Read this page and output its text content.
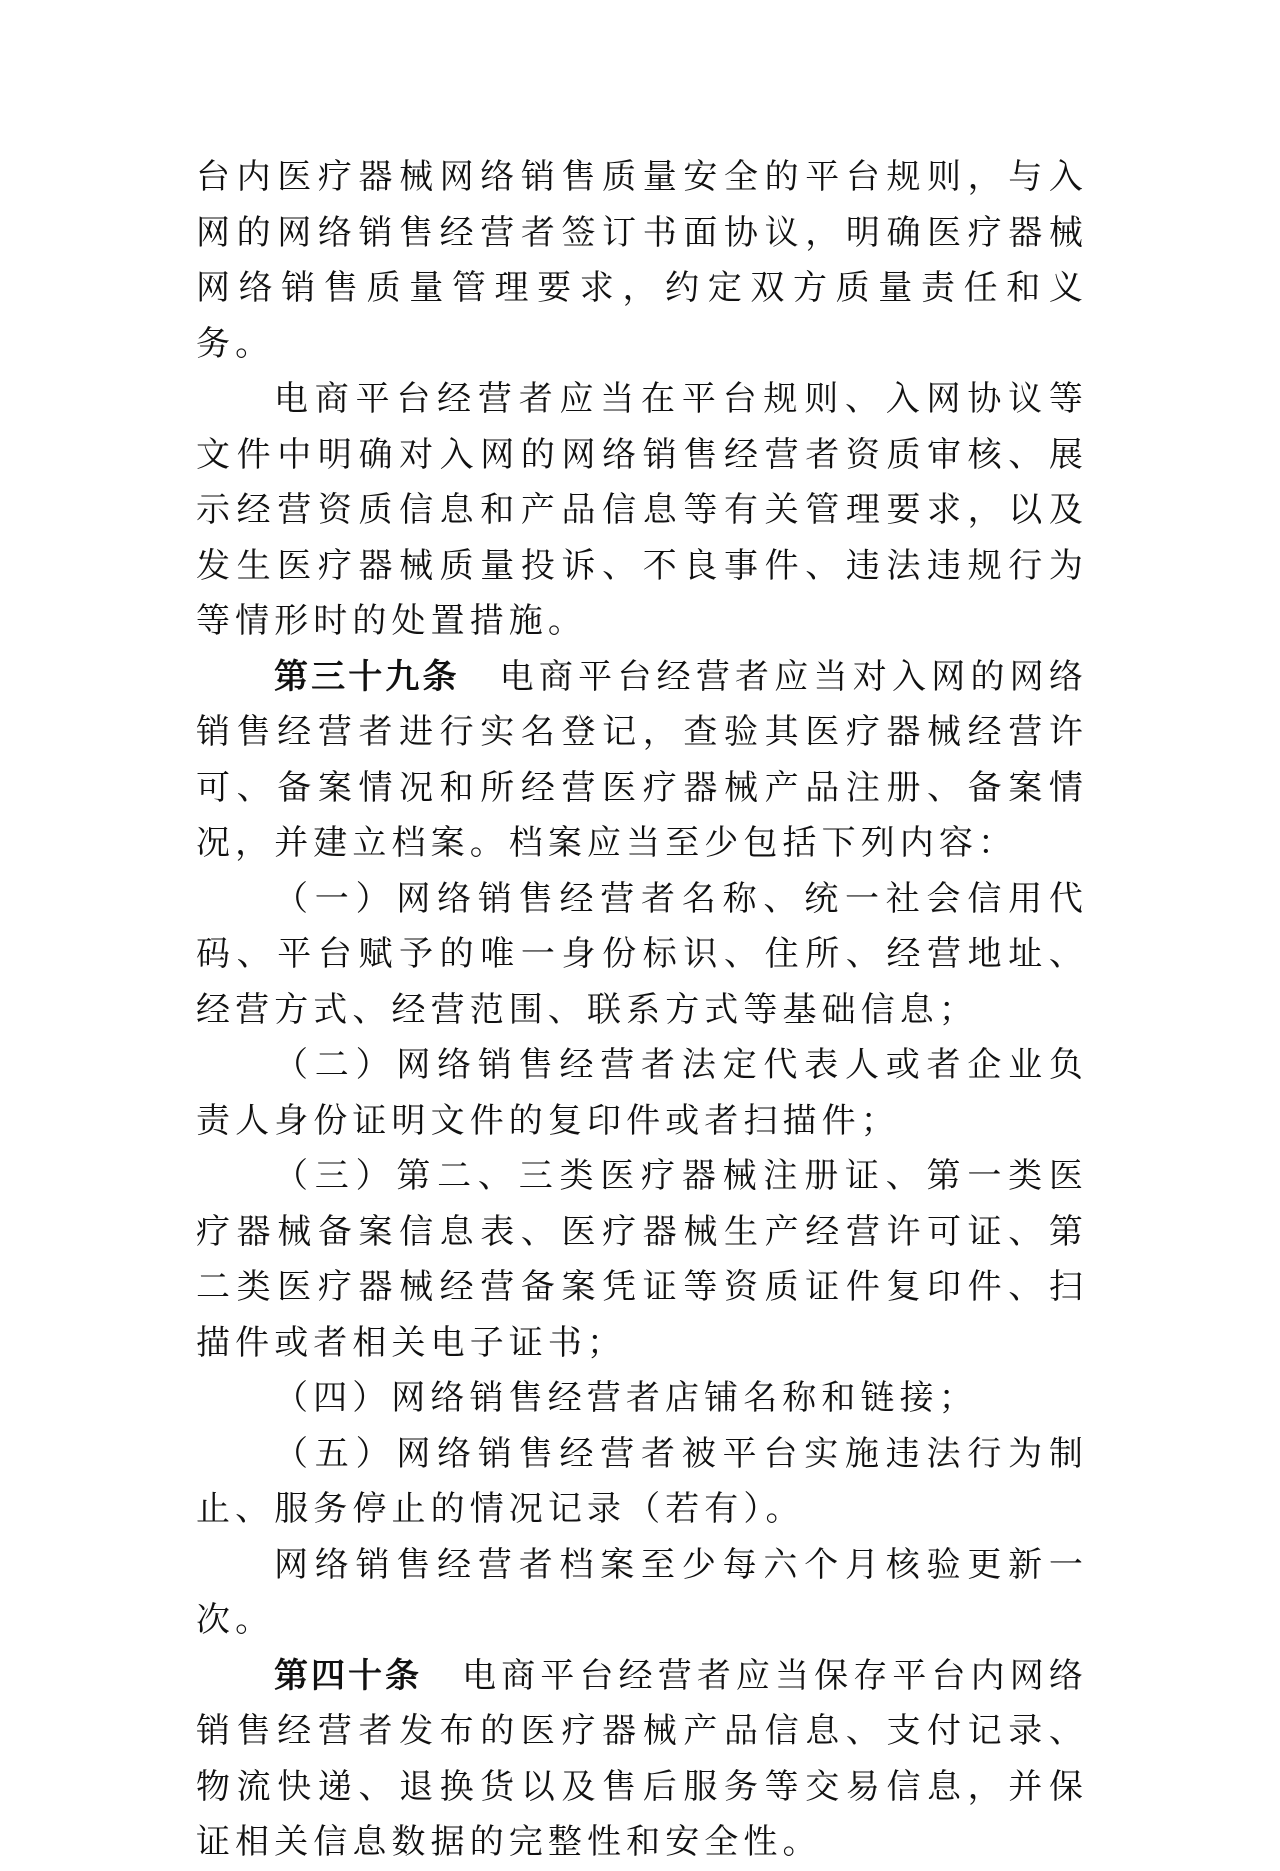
台内医疗器械网络销售质量安全的平台规则，与入网的网络销售经营者签订书面协议，明确医疗器械网络销售质量管理要求，约定双方质量责任和义务。

电商平台经营者应当在平台规则、入网协议等文件中明确对入网的网络销售经营者资质审核、展示经营资质信息和产品信息等有关管理要求，以及发生医疗器械质量投诉、不良事件、违法违规行为等情形时的处置措施。

第三十九条 电商平台经营者应当对入网的网络销售经营者进行实名登记，查验其医疗器械经营许可、备案情况和所经营医疗器械产品注册、备案情况，并建立档案。档案应当至少包括下列内容：

（一）网络销售经营者名称、统一社会信用代码、平台赋予的唯一身份标识、住所、经营地址、经营方式、经营范围、联系方式等基础信息；

（二）网络销售经营者法定代表人或者企业负责人身份证明文件的复印件或者扫描件；

（三）第二、三类医疗器械注册证、第一类医疗器械备案信息表、医疗器械生产经营许可证、第二类医疗器械经营备案凭证等资质证件复印件、扫描件或者相关电子证书；

（四）网络销售经营者店铺名称和链接；

（五）网络销售经营者被平台实施违法行为制止、服务停止的情况记录（若有）。

网络销售经营者档案至少每六个月核验更新一次。

第四十条 电商平台经营者应当保存平台内网络销售经营者发布的医疗器械产品信息、支付记录、物流快递、退换货以及售后服务等交易信息，并保证相关信息数据的完整性和安全性。
